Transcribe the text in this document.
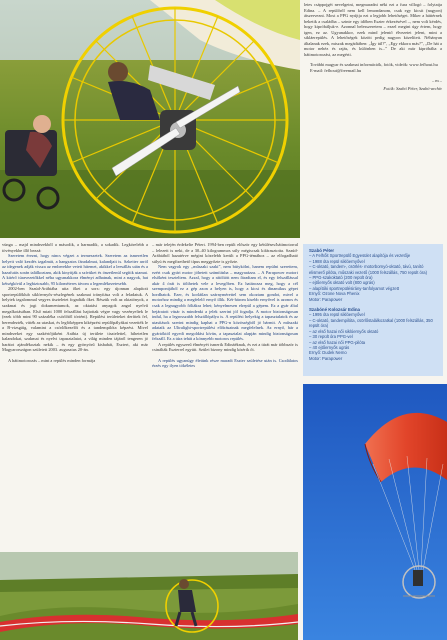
letes csáppojgét nevelgetni, megmaradni néki ezt a fura villogó – folytatja Edina. – A repülőről nem kell lemondanom, csak egy kicsit (nagyon) átszervezni. Most a PPG nyújtja ezt a legjobb lehetőséget. Miker a háttérnek beketik a családba – szinte egy időben Eszter érkezésével –, nem volt kérdés, hogy kipróbáljuk-e. Azonnal belesszeretem – ezzel megint úgy értem, hogy igen, ez az. Ugyanakkor, ezek mind jelentő élvezetet jelent, mint a sikláerepülés. A lehetőségek között pedig nagyon közelített. Néhányan általanak ezek, miszak megádtáben: „Így túl?”, „Egy ekkora más?”, „De hát a motor nehéz és rajás, és különben is...” De aki már kipróbálta a hátimotorozást, az megérti.

További magyar és szakmai információk, fotók, videók: www.fefhout.hu

E-mail: fefhout@freemail.hu

– m –

Fotók: Szabó Péter, Szabó-archív

vünga – majd mindezekből a második, a harmadik, a sokadik. Legkörelebb a tövényekbe illő bezzá:

Szeretem érezni, hogy nincs végzet a termeszetek. Szeretem az ismeretlen helyeit való kezdés izgalmát, a hangzatos fáradalmat, kalandjait is. Szkeiter arról az idegenek adják vissza az emberekbe vetett hitemet, akikkel a leesállás után és a hazafutás során találkoztam, akik kinyitják a szívüket és önzetlenül segítik utamat. A kitérő túravezetőkkel néha ugyanakkora élményt adhatnak, mint a nagyok, hat kétségkívül a legbiztosabb, 95 kilométeres távom a legemlékezetesebb.

2002-ben Szaúd-Arábiába utta őket a sors: egy újonnan alapított sportrepülőklub siklóernyős-részlegének szakmai irányítása volt a feladatuk. A helyiek izgalommal vegyes tiszteletet fogadták őket. Részük volt az oktatónyok, a szakmai és jogi dokumentumok, az oktatási anyagok angol nyelvű megalkotásában. Első miatt 1000 felszállást hajtottak végre vagy vezényeltek le (ezek több mint 90 százaléka csörlőtől történt). Repülési területeket deríttek fel, berendezték, vitték az utaskat, és legföképpen kiképzési repülőpályákat vezették le a B-vizsgáig, valamint a csörlőkezelői és a tandempilóta képzést. Mivel mindezeket egy szakértőjüként Arábia új területe tisztelettel, hihetetlen kalandokat, szakmai és nyelvi tapasztalatot, a világ minden tájáról tengeren jó barátot ajándékoztak nekik – és egy gyönyörű kisbabát, Esztert, aki már Magyarországon született 2003. augusztus 20-án.

A hátimotorozás – mint a repülés minden formája

– már telején érdekelte Pétert. 1994-ben repült először egy kétüléses/hátimotorral – lelezett is neki, de a 30–40 kilogrammos súly mégiscsak kifárasztotta. Szaúd-Arábiából hazatérve mégint közelebb került a PPG-témához – az elfogadható súlyú és megfizethető típus meggyőzte is győzte.

Nem vagyok egy „műszaki szaki”, nem bütykölni, hanem repülni szerettem, ezért csak gyári motor jöhetett számításba – magyarázza. – A Parapower motort elsőként teszteltem. Azzal, hogy a rátöltött nem fáradtam el, és egy felszállással akár 4 órát is tölthetek vele a levegőben. Ez határozza meg, hogy a cél szempontjából ez a gép azon a helyen is, hogy a kicsi és dinamikus gépet hordhatok. Ezer, és korlátlan szárnymérettel sem okoztam gondot, mivel a motorhoz mindig a megfelelő ernyő illik. Két-három kisebb ernyővel is azonos és csak a legnagyobb fóliákra lehet; kényelmesen elrepül a gépem. Ez a gyár által bejáratott vásár is mindenki a jelek szerint jól fogadja. A motor biztonságosan indul, ha a legrosszabb felszállópálya is. A repülési helyekig a tapasztalatok és az utasítások szerint mindig kaphat a PPG-n közösségből jó bármit. A műszaki adataik az Ultralight-sportrepülési előírásainak megfelelnek. Az ernyő, bár a gyártóktól egyedi megoldást kíván, a tapasztalat alapján mindig biztonságosan felszáll. Ez a túra tehát a könnyebb motoros repülés.

A repülés egyszerű élményét ismerik Edináéknak, és ezt a túrát már többször is csinálták Eszterrel együtt. Szülei bizony mindig kísérik őt.

A repülés ugyanúgy életünk része maradt Eszter születése után is. Csodálatos érzés egy ilyen tökéletes

Szabó Péter
– A Felhőit Sportrepülő Egyesület alapítója és vezetője
– 1988 óta repül siklóernyővel
– C-oktató, tandem-, csörlés- motorbornyó-oktató, távú, tanító elismerő pilóta, műszaki vezető (1000 felszállás, 750 repült óra)
– PPG-szakoktató (200 repült óra)
– ejtőernyős oktató volt (800 ugrás)
– alapítóki sportrepülésirány-tanfolyamot végzett
Ernyő: Ozone Nova Phenix
Motor: Parapower
Szabóné Kolozsár Edina
– 1995 óta repül siklóernyővel
– C-oktató, tandempilóta, csörlőstalálkozatkal (1000 felszállás, 350 repült óra)
– az első hazai női siklóernyős oktató
– 30 repült óra PPG-vel
– az első hazai női PPG-pilóta
– 40 ejtőernyős ugrás
Ernyő: Dudek Nemo
Motor: Parapower
